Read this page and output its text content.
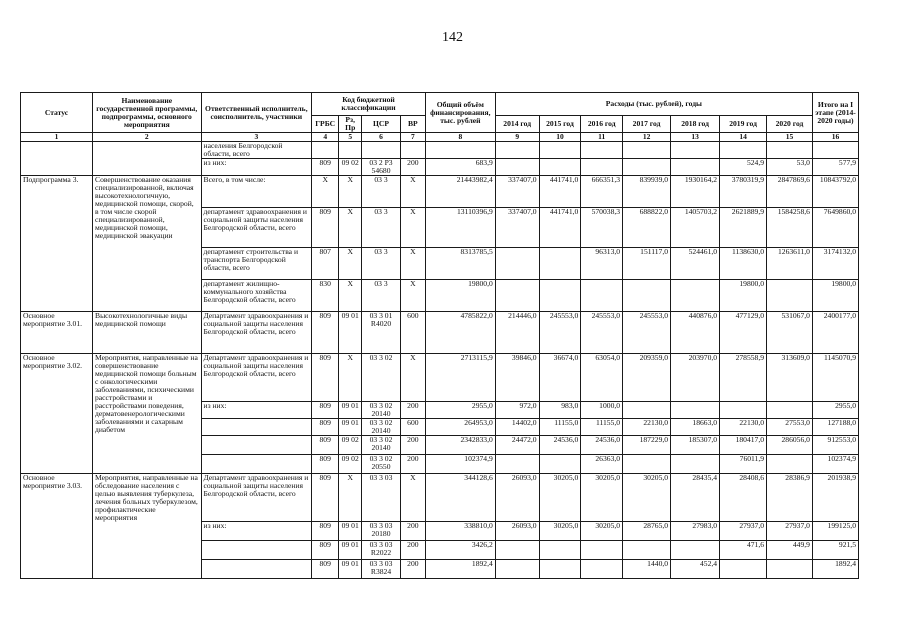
142
Статус	Наименование государственной программы, подпрограммы, основного мероприятия	Ответственный исполнитель, соисполнитель, участники	Код бюджетной классификации				Общий объём финансирования, тыс. рублей	Расходы (тыс. рублей), годы							Итого на I этапе (2014-2020 годы)
			ГРБС	Рз, Пр	ЦСР	ВР		2014 год	2015 год	2016 год	2017 год	2018 год	2019 год	2020 год	
1	2	3	4	5	6	7	8	9	10	11	12	13	14	15	16
		населения Белгородской области, всего													
		из них:	809	09 02	03 2 Р3 54680	200	683,9						524,9	53,0	577,9
Подпрограмма 3.	Совершенствование оказания специализированной, включая высокотехнологичную, медицинской помощи, скорой, в том числе скорой специализированной, медицинской помощи, медицинской эвакуации	Всего, в том числе:	X	X	03 3	X	21443982,4	337407,0	441741,0	666351,3	839939,0	1930164,2	3780319,9	2847869,6	10843792,0
		департамент здравоохранения и социальной защиты населения Белгородской области, всего	809	X	03 3	X	13110396,9	337407,0	441741,0	570038,3	688822,0	1405703,2	2621889,9	1584258,6	7649860,0
		департамент строительства и транспорта Белгородской области, всего	807	X	03 3	X	8313785,5			96313,0	151117,0	524461,0	1138630,0	1263611,0	3174132,0
		департамент жилищно-коммунального хозяйства Белгородской области, всего	830	X	03 3	X	19800,0						19800,0		19800,0
Основное мероприятие 3.01.	Высокотехнологичные виды медицинской помощи	Департамент здравоохранения и социальной защиты населения Белгородской области, всего	809	09 01	03 3 01 R4020	600	4785822,0	214446,0	245553,0	245553,0	245553,0	440876,0	477129,0	531067,0	2400177,0
Основное мероприятие 3.02.	Мероприятия, направленные на совершенствование медицинской помощи больным с онкологическими заболеваниями, психическими расстройствами и расстройствами поведения, дерматовенерологическими заболеваниями и сахарным диабетом	Департамент здравоохранения и социальной защиты населения Белгородской области, всего	809	X	03 3 02	X	2713115,9	39846,0	36674,0	63054,0	209359,0	203970,0	278558,9	313609,0	1145070,9
		из них:	809	09 01	03 3 02 20140	200	2955,0	972,0	983,0	1000,0					2955,0
			809	09 01	03 3 02 20140	600	264953,0	14402,0	11155,0	11155,0	22130,0	18663,0	22130,0	27553,0	127188,0
			809	09 02	03 3 02 20140	200	2342833,0	24472,0	24536,0	24536,0	187229,0	185307,0	180417,0	286056,0	912553,0
			809	09 02	03 3 02 20550	200	102374,9			26363,0			76011,9		102374,9
Основное мероприятие 3.03.	Мероприятия, направленные на обследование населения с целью выявления туберкулеза, лечения больных туберкулезом, профилактические мероприятия	Департамент здравоохранения и социальной защиты населения Белгородской области, всего	809	X	03 3 03	X	344128,6	26093,0	30205,0	30205,0	30205,0	28435,4	28408,6	28386,9	201938,9
		из них:	809	09 01	03 3 03 20180	200	338810,0	26093,0	30205,0	30205,0	28765,0	27983,0	27937,0	27937,0	199125,0
			809	09 01	03 3 03 R2022	200	3426,2						471,6	449,9	921,5
			809	09 01	03 3 03 R3824	200	1892,4				1440,0	452,4			1892,4
